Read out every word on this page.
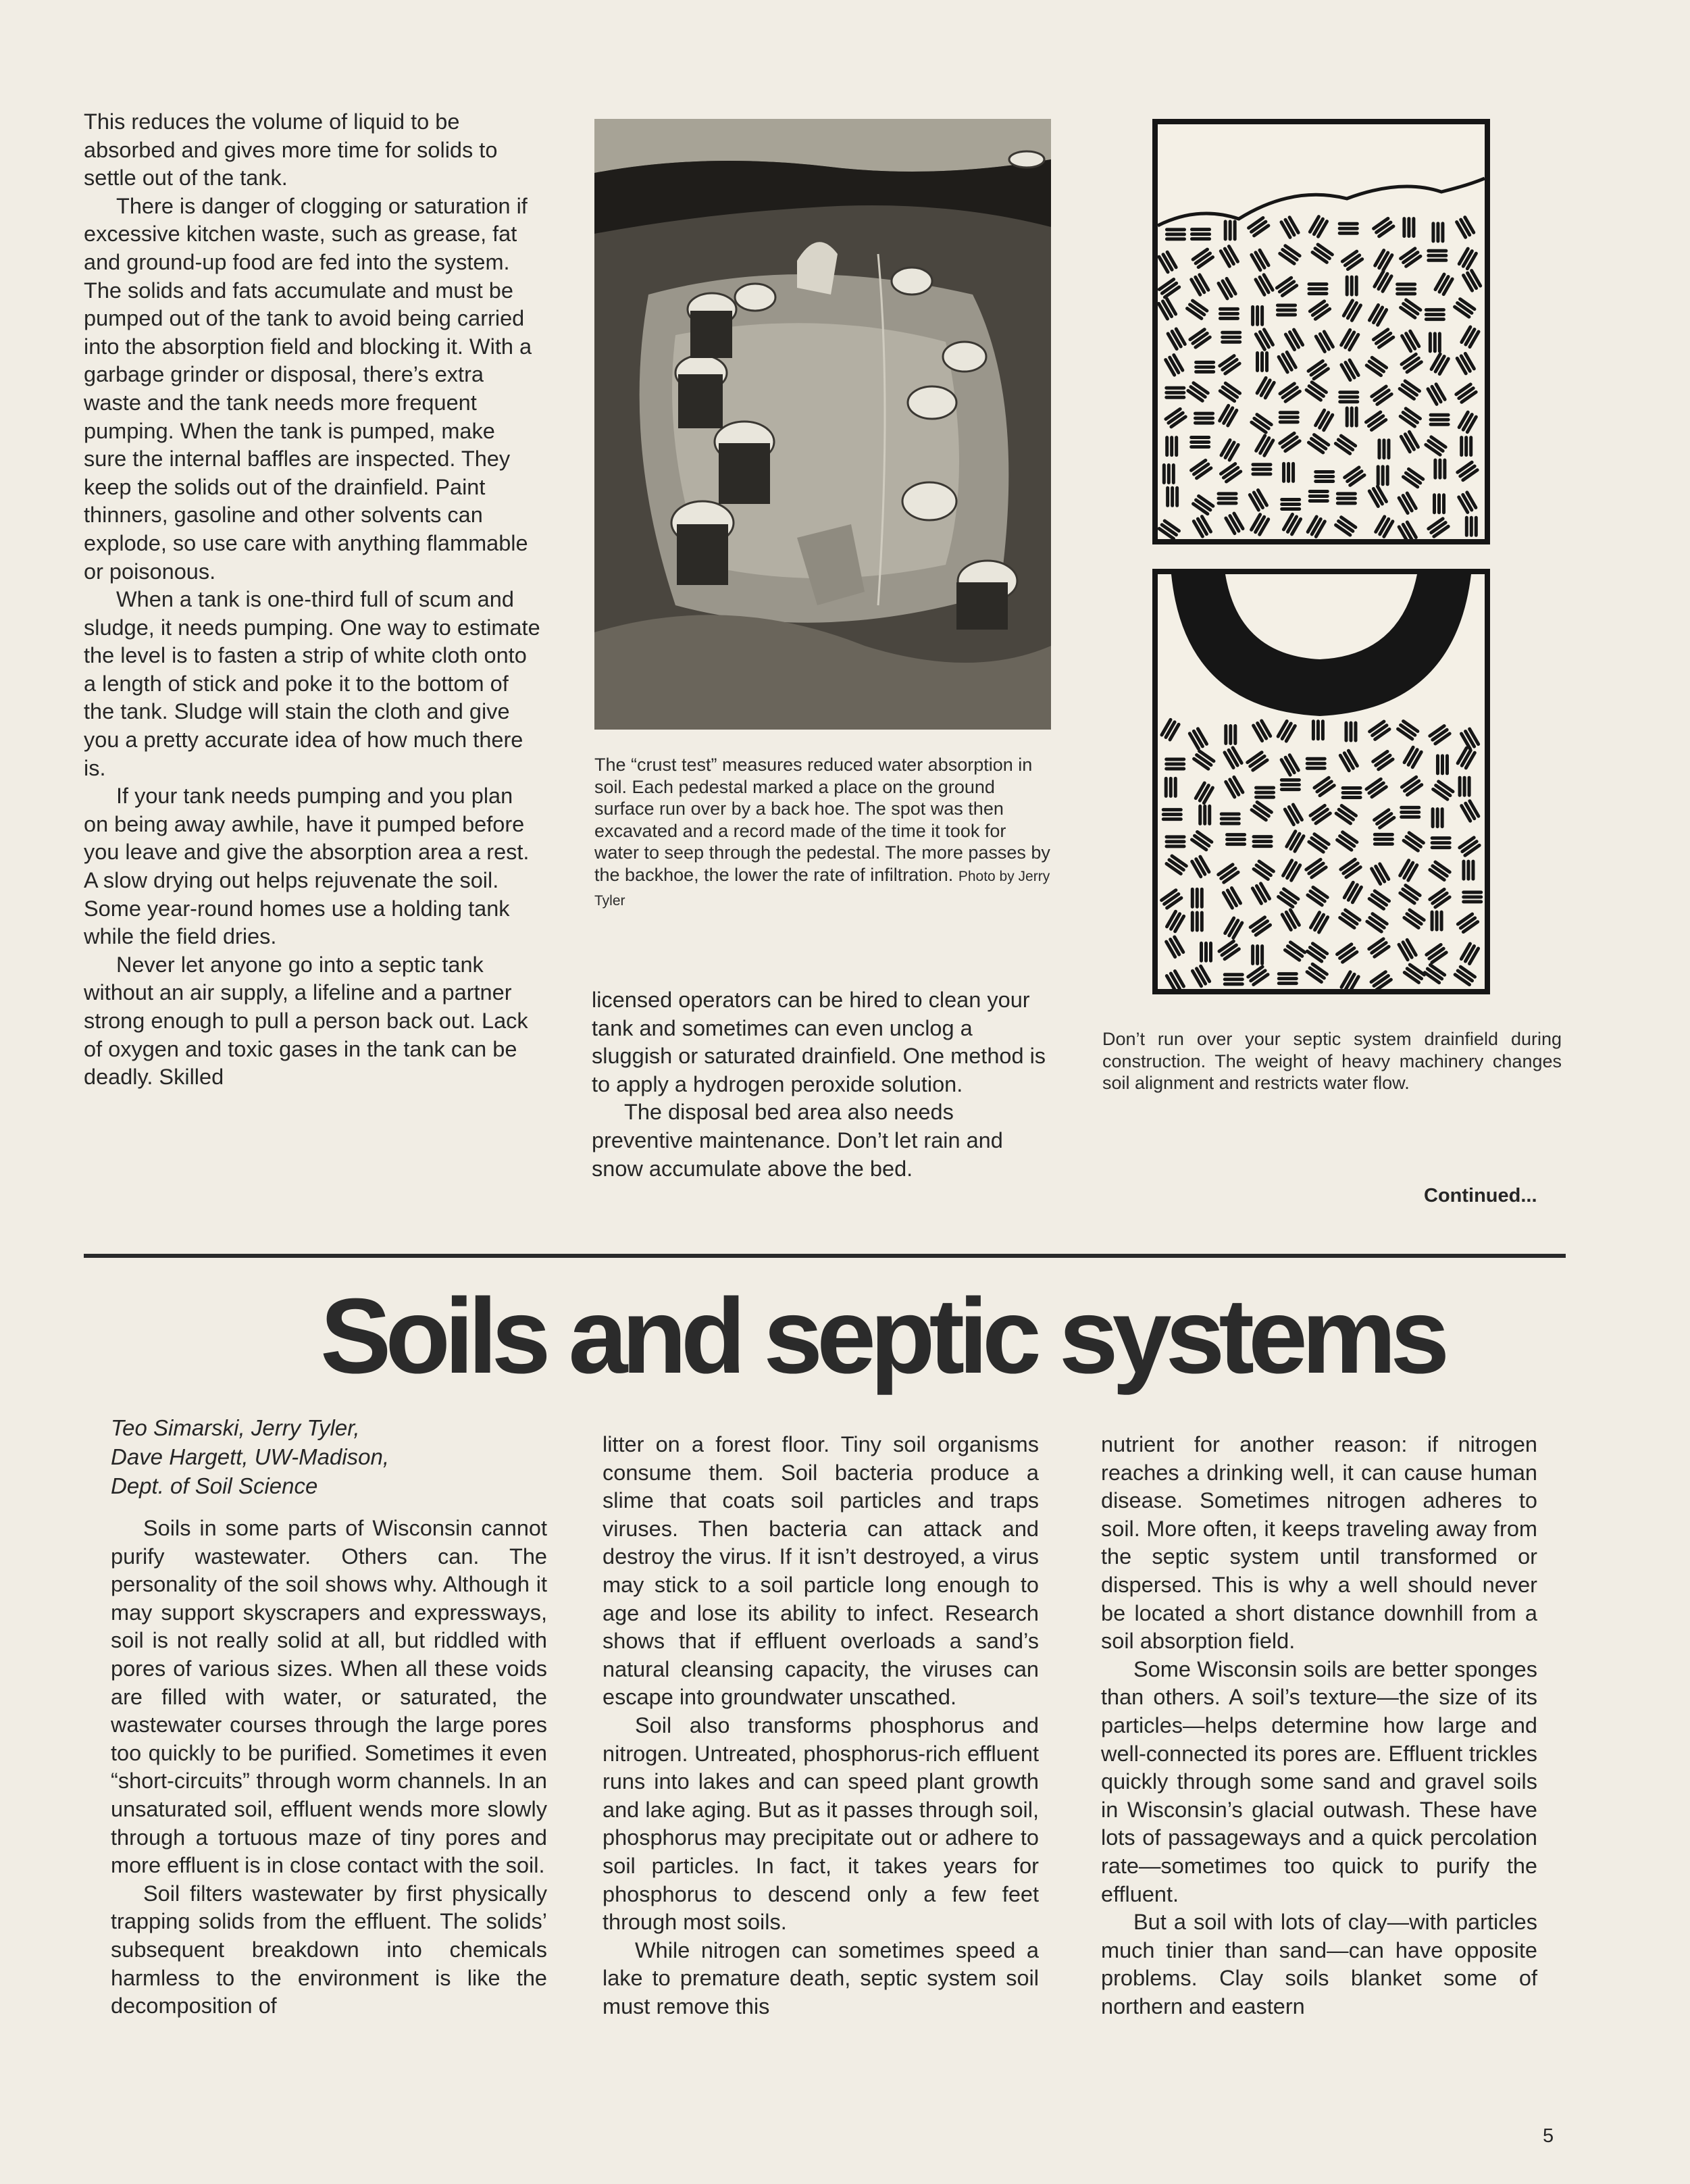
This reduces the volume of liquid to be absorbed and gives more time for solids to settle out of the tank.

There is danger of clogging or saturation if excessive kitchen waste, such as grease, fat and ground-up food are fed into the system. The solids and fats accumulate and must be pumped out of the tank to avoid being carried into the absorption field and blocking it. With a garbage grinder or disposal, there’s extra waste and the tank needs more frequent pumping. When the tank is pumped, make sure the internal baffles are inspected. They keep the solids out of the drainfield. Paint thinners, gasoline and other solvents can explode, so use care with anything flammable or poisonous.

When a tank is one-third full of scum and sludge, it needs pumping. One way to estimate the level is to fasten a strip of white cloth onto a length of stick and poke it to the bottom of the tank. Sludge will stain the cloth and give you a pretty accurate idea of how much there is.

If your tank needs pumping and you plan on being away awhile, have it pumped before you leave and give the absorption area a rest. A slow drying out helps rejuvenate the soil. Some year-round homes use a holding tank while the field dries.

Never let anyone go into a septic tank without an air supply, a lifeline and a partner strong enough to pull a person back out. Lack of oxygen and toxic gases in the tank can be deadly. Skilled

The “crust test” measures reduced water absorption in soil. Each pedestal marked a place on the ground surface run over by a back hoe. The spot was then excavated and a record made of the time it took for water to seep through the pedestal. The more passes by the backhoe, the lower the rate of infiltration. Photo by Jerry Tyler

licensed operators can be hired to clean your tank and sometimes can even unclog a sluggish or saturated drainfield. One method is to apply a hydrogen peroxide solution.

The disposal bed area also needs preventive maintenance. Don’t let rain and snow accumulate above the bed.

Don’t run over your septic system drainfield during construction. The weight of heavy machinery changes soil alignment and restricts water flow.
Continued...
Soils and septic systems
Teo Simarski, Jerry Tyler,
Dave Hargett, UW-Madison,
Dept. of Soil Science

Soils in some parts of Wisconsin cannot purify wastewater. Others can. The personality of the soil shows why. Although it may support skyscrapers and expressways, soil is not really solid at all, but riddled with pores of various sizes. When all these voids are filled with water, or saturated, the wastewater courses through the large pores too quickly to be purified. Sometimes it even “short-circuits” through worm channels. In an unsaturated soil, effluent wends more slowly through a tortuous maze of tiny pores and more effluent is in close contact with the soil.

Soil filters wastewater by first physically trapping solids from the effluent. The solids’ subsequent breakdown into chemicals harmless to the environment is like the decomposition of

litter on a forest floor. Tiny soil organisms consume them. Soil bacteria produce a slime that coats soil particles and traps viruses. Then bacteria can attack and destroy the virus. If it isn’t destroyed, a virus may stick to a soil particle long enough to age and lose its ability to infect. Research shows that if effluent overloads a sand’s natural cleansing capacity, the viruses can escape into groundwater unscathed.

Soil also transforms phosphorus and nitrogen. Untreated, phosphorus-rich effluent runs into lakes and can speed plant growth and lake aging. But as it passes through soil, phosphorus may precipitate out or adhere to soil particles. In fact, it takes years for phosphorus to descend only a few feet through most soils.

While nitrogen can sometimes speed a lake to premature death, septic system soil must remove this

nutrient for another reason: if nitrogen reaches a drinking well, it can cause human disease. Sometimes nitrogen adheres to soil. More often, it keeps traveling away from the septic system until transformed or dispersed. This is why a well should never be located a short distance downhill from a soil absorption field.

Some Wisconsin soils are better sponges than others. A soil’s texture—the size of its particles—helps determine how large and well-connected its pores are. Effluent trickles quickly through some sand and gravel soils in Wisconsin’s glacial outwash. These have lots of passageways and a quick percolation rate—sometimes too quick to purify the effluent.

But a soil with lots of clay—with particles much tinier than sand—can have opposite problems. Clay soils blanket some of northern and eastern

5
